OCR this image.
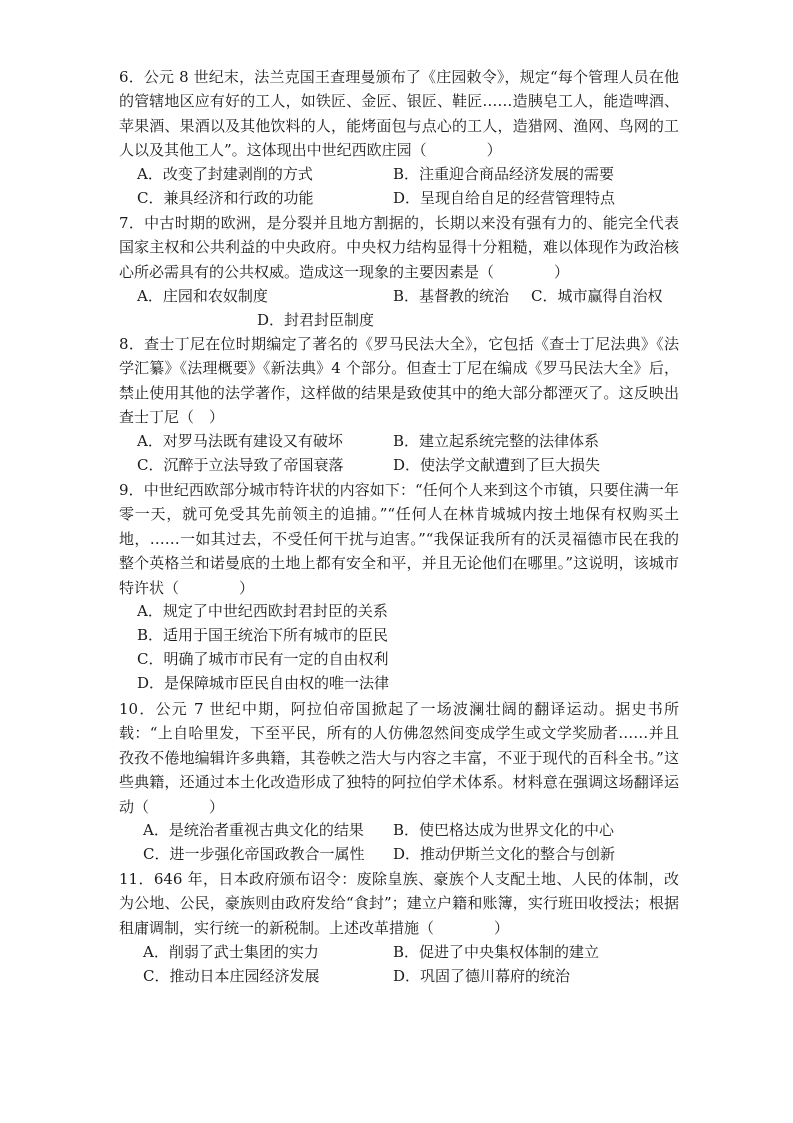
6．公元 8 世纪末，法兰克国王查理曼颁布了《庄园敕令》，规定“每个管理人员在他的管辖地区应有好的工人，如铁匠、金匠、银匠、鞋匠……造胰皂工人，能造啤酒、苹果酒、果酒以及其他饮料的人，能烤面包与点心的工人，造猎网、渔网、鸟网的工人以及其他工人”。这体现出中世纪西欧庄园（　　　　）
A．改变了封建剥削的方式	B．注重迎合商品经济发展的需要
C．兼具经济和行政的功能	D．呈现自给自足的经营管理特点
7．中古时期的欧洲，是分裂并且地方割据的，长期以来没有强有力的、能完全代表国家主权和公共利益的中央政府。中央权力结构显得十分粗糙，难以体现作为政治核心所必需具有的公共权威。造成这一现象的主要因素是（　　　　）
A．庄园和农奴制度	B．基督教的统治 C．城市赢得自治权
D．封君封臣制度
8．查士丁尼在位时期编定了著名的《罗马民法大全》，它包括《查士丁尼法典》《法学汇纂》《法理概要》《新法典》4 个部分。但查士丁尼在编成《罗马民法大全》后，禁止使用其他的法学著作，这样做的结果是致使其中的绝大部分都湮灭了。这反映出查士丁尼（　）
A．对罗马法既有建设又有破坏	B．建立起系统完整的法律体系
C．沉醉于立法导致了帝国衰落	D．使法学文献遭到了巨大损失
9．中世纪西欧部分城市特许状的内容如下：“任何个人来到这个市镇，只要住满一年零一天，就可免受其先前领主的追捕。”“任何人在林肯城城内按土地保有权购买土地，……一如其过去，不受任何干扰与迫害。”“我保证我所有的沃灵福德市民在我的整个英格兰和诺曼底的土地上都有安全和平，并且无论他们在哪里。”这说明，该城市特许状（　　　　）
A．规定了中世纪西欧封君封臣的关系
B．适用于国王统治下所有城市的臣民
C．明确了城市市民有一定的自由权利
D．是保障城市臣民自由权的唯一法律
10．公元 7 世纪中期，阿拉伯帝国掀起了一场波澜壮阔的翻译运动。据史书所载：“上自哈里发，下至平民，所有的人仿佛忽然间变成学生或文学奖励者……并且孜孜不倦地编辑许多典籍，其卷帙之浩大与内容之丰富，不亚于现代的百科全书。”这些典籍，还通过本土化改造形成了独特的阿拉伯学术体系。材料意在强调这场翻译运动（　　　　）
A．是统治者重视古典文化的结果 B．使巴格达成为世界文化的中心
C．进一步强化帝国政教合一属性 D．推动伊斯兰文化的整合与创新
11．646 年，日本政府颁布诏令：废除皇族、豪族个人支配土地、人民的体制，改为公地、公民，豪族则由政府发给“食封”；建立户籍和账簿，实行班田收授法；根据租庸调制，实行统一的新税制。上述改革措施（　　　　）
A．削弱了武士集团的实力	B．促进了中央集权体制的建立
C．推动日本庄园经济发展	D．巩固了德川幕府的统治
